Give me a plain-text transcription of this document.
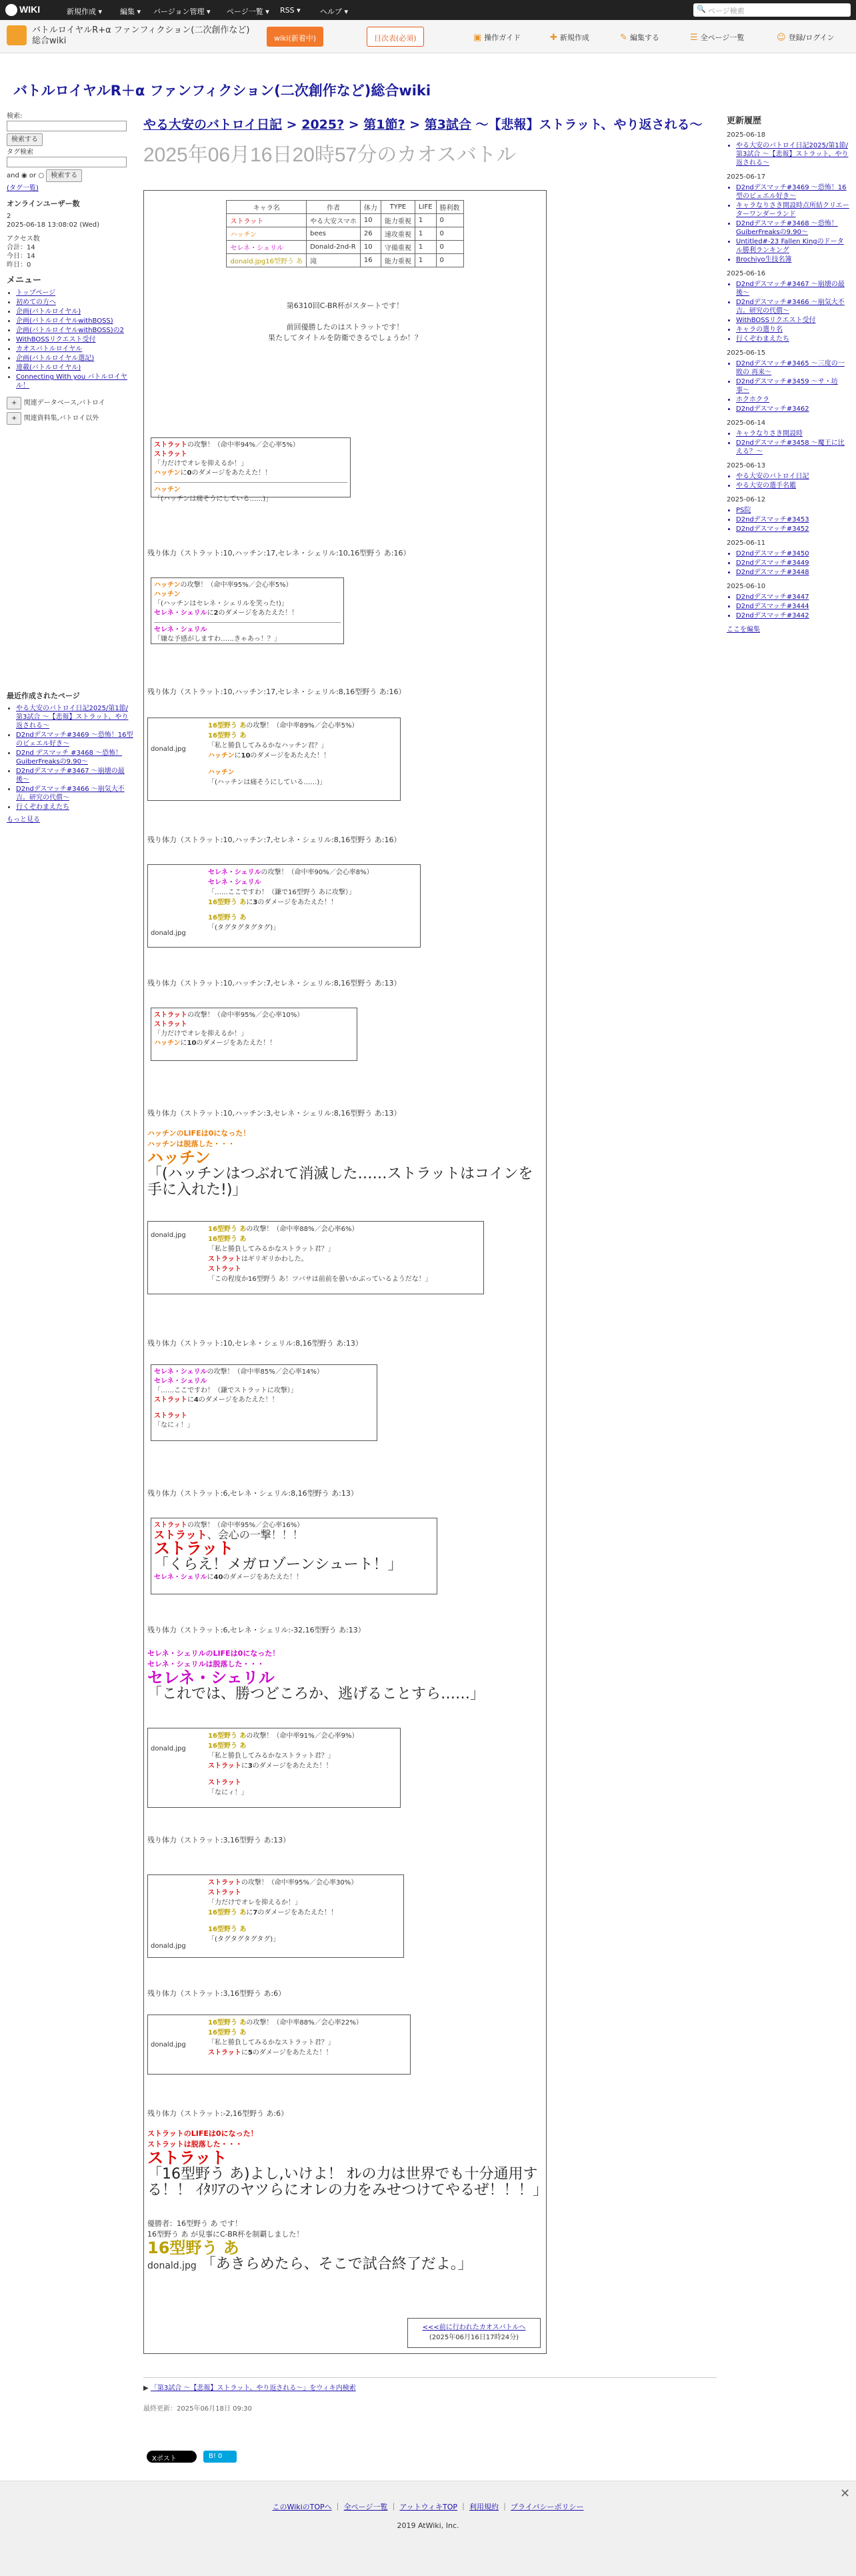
WIKI	新規作成 ▾ 編集 ▾ バージョン管理 ▾ ページ一覧 ▾ RSS ▾	ヘルプ ▾	🔍 ページ検索
バトルロイヤルR+α ファンフィクション(二次創作など)総合wiki	wiki(新着中)	目次表(必須)	▣ 操作ガイド	✚ 新規作成	✎ 編集する	☰ 全ページ一覧	☺ 登録/ログイン
バトルロイヤルR＋α ファンフィクション(二次創作など)総合wiki
検索:
検索する
タグ検索
and ◉ or ○ 検索する
(タグ一覧)
オンラインユーザー数
2
2025-06-18 13:08:02 (Wed)
アクセス数
合計：14
今日：14
昨日：0
メニュー
• トップページ
• 初めての方へ
• 企画(バトルロイヤル)
• 企画(バトルロイヤルwithBOSS)
• 企画(バトルロイヤルwithBOSS)の2
• WithBOSSリクエスト受付
• カオスバトルロイヤル
• 企画(バトルロイヤル選記)
• 連載(バトルロイヤル)
• Connecting With you バトルロイヤル！
+ 関連データベース,バトロイ
+ 関連資料集,バトロイ以外
最近作成されたページ
• やる大安のバトロイ日記2025/第1節/第3試合 〜【悲報】ストラット、やり返される〜
• D2ndデスマッチ#3469 〜恐怖！16型のビェエル好き〜
• D2nd デスマッチ #3468 〜恐怖！GuiberFreaksの9.90〜
• D2ndデスマッチ#3467 〜崩壊の最後〜
• D2ndデスマッチ#3466 〜崩気大不吉。研究の代償〜
• 行くぞわまえたち
もっと見る
やる大安のバトロイ日記 > 2025? > 第1節? > 第3試合 〜【悲報】ストラット、やり返される〜
2025年06月16日20時57分のカオスバトル
キャラ名	作者	体力	TYPE	LIFE	勝利数
ストラット	やる大安スマホ	10	能力重視	1	0
ハッチン	bees	26	速攻重視	1	0
セレネ・シェリル	Donald-2nd-R	10	守備重視	1	0
donald.jpg16型野う あ	滝	16	能力重視	1	0
第6310回C-BR杯がスタートです！

前回優勝したのはストラットです！
果たしてタイトルを防衛できるでしょうか！？
ストラットの攻撃！（命中率94%／会心率5%）
ストラット
「力だけでオレを抑えるか！」
ハッチンに0のダメージをあたえた！！
ハッチン
「(ハッチンは痛そうにしている……)」
残り体力（ストラット:10,ハッチン:17,セレネ・シェリル:10,16型野う あ:16）
ハッチンの攻撃！（命中率95%／会心率5%）
ハッチン
「(ハッチンはセレネ・シェリルを笑った!)」
セレネ・シェリルに2のダメージをあたえた！！
セレネ・シェリル
「嫌な予感がしますわ……きゃあっ！？」
残り体力（ストラット:10,ハッチン:17,セレネ・シェリル:8,16型野う あ:16）
donald.jpg
16型野う あの攻撃！（命中率89%／会心率5%）
16型野う あ
「私と勝負してみるかなハッチン君？」
ハッチンに10のダメージをあたえた！！
ハッチン
「(ハッチンは痛そうにしている……)」
残り体力（ストラット:10,ハッチン:7,セレネ・シェリル:8,16型野う あ:16）
donald.jpg
セレネ・シェリルの攻撃！（命中率90%／会心率8%）
セレネ・シェリル
「……ここですわ！（鎌で16型野う あに攻撃）」
16型野う あに3のダメージをあたえた！！
16型野う あ
「(タグタグタグタグ)」
残り体力（ストラット:10,ハッチン:7,セレネ・シェリル:8,16型野う あ:13）
ストラットの攻撃！（命中率95%／会心率10%）
ストラット
「力だけでオレを抑えるか！」
ハッチンに10のダメージをあたえた！！
残り体力（ストラット:10,ハッチン:3,セレネ・シェリル:8,16型野う あ:13）
ハッチンのLIFEは0になった！
ハッチンは脱落した・・・
ハッチン
「(ハッチンはつぶれて消滅した……ストラットはコインを手に入れた!)」
donald.jpg
16型野う あの攻撃！（命中率88%／会心率6%）
16型野う あ
「私と勝負してみるかなストラット君？」
ストラットはギリギリかわした。
ストラット
「この程度か16型野う あ！ツバサは前前を曇いかぶっているようだな！」
残り体力（ストラット:10,セレネ・シェリル:8,16型野う あ:13）
セレネ・シェリルの攻撃！（命中率85%／会心率14%）
セレネ・シェリル
「……ここですわ！（鎌でストラットに攻撃）」
ストラットに4のダメージをあたえた！！
ストラット
「なにィ！」
残り体力（ストラット:6,セレネ・シェリル:8,16型野う あ:13）
ストラットの攻撃！（命中率95%／会心率16%）
ストラット、会心の一撃！！！
ストラット
「くらえ！メガロゾーンシュート！」
セレネ・シェリルに40のダメージをあたえた！！
残り体力（ストラット:6,セレネ・シェリル:-32,16型野う あ:13）
セレネ・シェリルのLIFEは0になった！
セレネ・シェリルは脱落した・・・
セレネ・シェリル
「これでは、勝つどころか、逃げることすら……」
donald.jpg
16型野う あの攻撃！（命中率91%／会心率9%）
16型野う あ
「私と勝負してみるかなストラット君？」
ストラットに3のダメージをあたえた！！
ストラット
「なにィ！」
残り体力（ストラット:3,16型野う あ:13）
donald.jpg
ストラットの攻撃！（命中率95%／会心率30%）
ストラット
「力だけでオレを抑えるか！」
16型野う あに7のダメージをあたえた！！
16型野う あ
「(タグタグタグタグ)」
残り体力（ストラット:3,16型野う あ:6）
donald.jpg
16型野う あの攻撃！（命中率88%／会心率22%）
16型野う あ
「私と勝負してみるかなストラット君？」
ストラットに5のダメージをあたえた！！
残り体力（ストラット:-2,16型野う あ:6）
ストラットのLIFEは0になった！
ストラットは脱落した・・・
ストラット
「16型野う あ)よし,いけよ！ ｵﾚの力は世界でも十分通用する！！ ｲﾀﾘｱのヤツらにオレの力をみせつけてやるぜ！！！」
優勝者：16型野う あ です！
16型野う あ が見事にC-BR杯を制覇しました！
16型野う あ
donald.jpg 「あきらめたら、そこで試合終了だよ。」
<<<前に行われたカオスバトルへ
(2025年06月16日17時24分)
▶ 「第3試合 〜【悲報】ストラット、やり返される〜」をウィキ内検索
最終更新：2025年06月18日 09:30
Xポスト	B! 0
更新履歴
2025-06-18
• やる大安のバトロイ日記2025/第1節/第3試合 〜【悲報】ストラット、やり返される〜
2025-06-17
• D2ndデスマッチ#3469 〜恐怖！16型のビェエル好き〜
• キャラなりさき開設時点所結クリエーターワンダーランド
• D2ndデスマッチ#3468 〜恐怖！GuiberFreaksの9.90〜
• Untitled#-23 Fallen Kingのドータル勝利ランキング
• Brochiyo生技名簿
2025-06-16
• D2ndデスマッチ#3467 〜崩壊の最後〜
• D2ndデスマッチ#3466 〜崩気大不吉。研究の代償〜
• WithBOSSリクエスト受付
• キャラの選り名
• 行くぞわまえたち
2025-06-15
• D2ndデスマッチ#3465 〜三度の一敗の 再来〜
• D2ndデスマッチ#3459 〜サ・坊事〜
• ホクホクラ
• D2ndデスマッチ#3462
2025-06-14
• キャラなりさき開設時
• D2ndデスマッチ#3458 〜魔王に比える？〜
2025-06-13
• やる大安のバトロイ日記
• やる大安の選手名鑑
2025-06-12
• PS院
• D2ndデスマッチ#3453
• D2ndデスマッチ#3452
2025-06-11
• D2ndデスマッチ#3450
• D2ndデスマッチ#3449
• D2ndデスマッチ#3448
2025-06-10
• D2ndデスマッチ#3447
• D2ndデスマッチ#3444
• D2ndデスマッチ#3442
ここを編集
このWikiのTOPへ ｜ 全ページ一覧 ｜ アットウィキTOP ｜ 利用規約 ｜ プライバシーポリシー
2019 AtWiki, Inc.
✕
